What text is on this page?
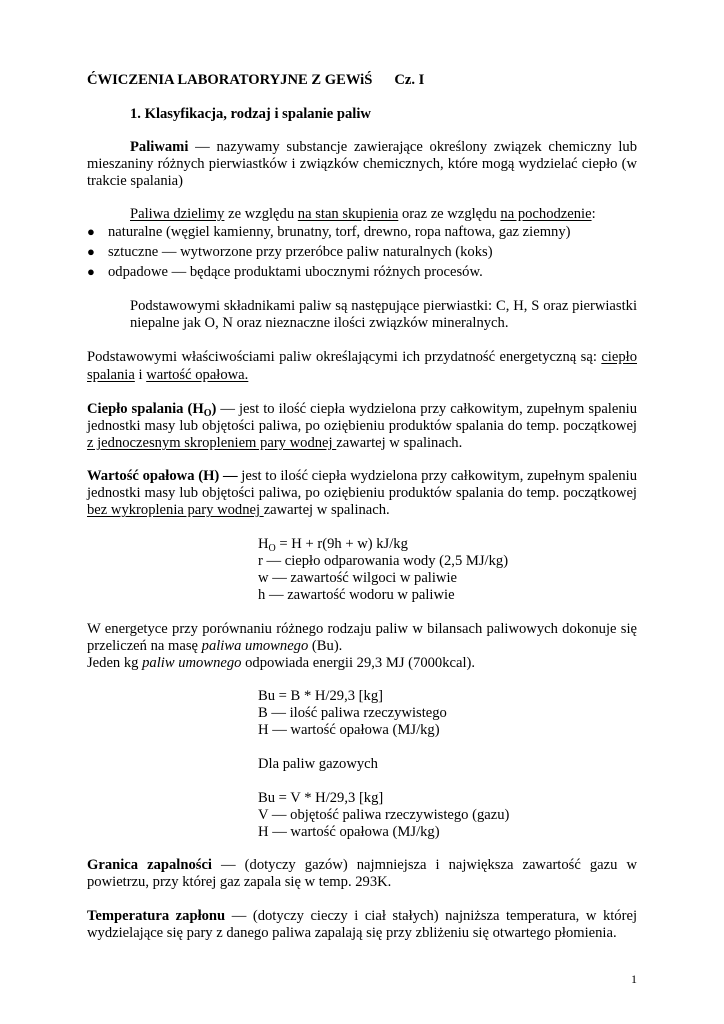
ĆWICZENIA LABORATORYJNE Z GEWiŚ Cz. I
1. Klasyfikacja, rodzaj i spalanie paliw
Paliwami — nazywamy substancje zawierające określony związek chemiczny lub
mieszaniny różnych pierwiastków i związków chemicznych, które mogą wydzielać ciepło (w
trakcie spalania)
Paliwa dzielimy ze względu na stan skupienia oraz ze względu na pochodzenie:
● naturalne (węgiel kamienny, brunatny, torf, drewno, ropa naftowa, gaz ziemny)
● sztuczne — wytworzone przy przeróbce paliw naturalnych (koks)
● odpadowe — będące produktami ubocznymi różnych procesów.
Podstawowymi składnikami paliw są następujące pierwiastki: C, H, S oraz pierwiastki
niepalne jak O, N oraz nieznaczne ilości związków mineralnych.
Podstawowymi właściwościami paliw określającymi ich przydatność energetyczną są: ciepło
spalania i wartość opałowa.
Ciepło spalania $(H_O)$ — jest to ilość ciepła wydzielona przy całkowitym, zupełnym spaleniu
jednostki masy lub objętości paliwa, po oziębieniu produktów spalania do temp. początkowej
z jednoczesnym skropleniem pary wodnej zawartej w spalinach.
Wartość opałowa (H) — jest to ilość ciepła wydzielona przy całkowitym, zupełnym spaleniu
jednostki masy lub objętości paliwa, po oziębieniu produktów spalania do temp. początkowej
bez wykroplenia pary wodnej zawartej w spalinach.
$H_O = H + r(9h + w)$ kJ/kg
r — ciepło odparowania wody (2,5 MJ/kg)
w — zawartość wilgoci w paliwie
h — zawartość wodoru w paliwie
W energetyce przy porównaniu różnego rodzaju paliw w bilansach paliwowych dokonuje się
przeliczeń na masę paliwa umownego (Bu).
Jeden kg paliw umownego odpowiada energii 29,3 MJ (7000kcal).
Bu = B * H/29,3 [kg]
B — ilość paliwa rzeczywistego
H — wartość opałowa (MJ/kg)
Dla paliw gazowych
Bu = V * H/29,3 [kg]
V — objętość paliwa rzeczywistego (gazu)
H — wartość opałowa (MJ/kg)
Granica zapalności — (dotyczy gazów) najmniejsza i największa zawartość gazu w
powietrzu, przy której gaz zapala się w temp. 293K.
Temperatura zapłonu — (dotyczy cieczy i ciał stałych) najniższa temperatura, w której
wydzielające się pary z danego paliwa zapalają się przy zbliżeniu się otwartego płomienia.
1
